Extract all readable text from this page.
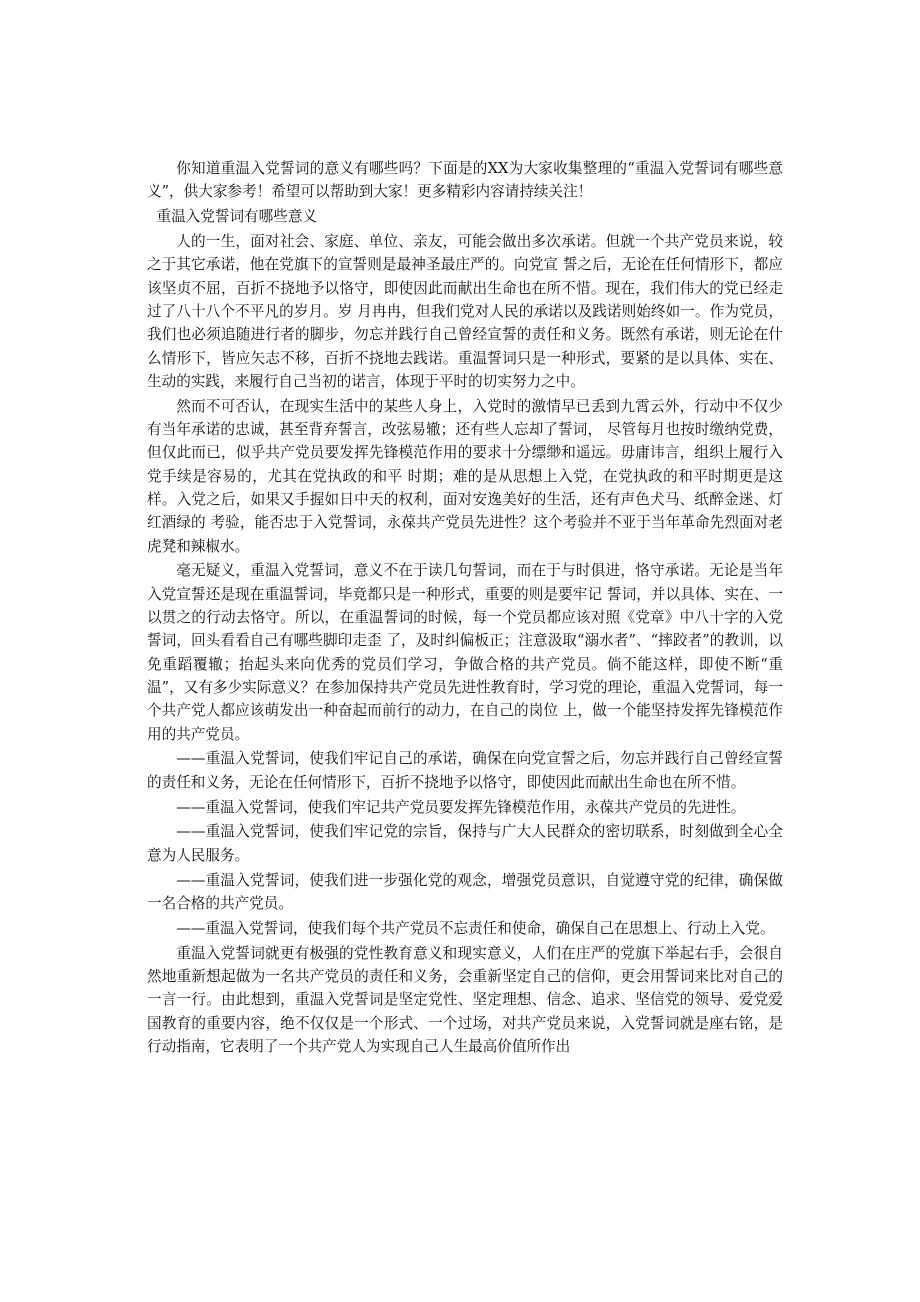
你知道重温入党誓词的意义有哪些吗？下面是的XX为大家收集整理的“重温入党誓词有哪些意义”，供大家参考！希望可以帮助到大家！更多精彩内容请持续关注！

重温入党誓词有哪些意义

人的一生，面对社会、家庭、单位、亲友，可能会做出多次承诺。但就一个共产党员来说，较之于其它承诺，他在党旗下的宣誓则是最神圣最庄严的。向党宣 誓之后，无论在任何情形下，都应该坚贞不屈，百折不挠地予以恪守，即使因此而献出生命也在所不惜。现在，我们伟大的党已经走过了八十八个不平凡的岁月。岁 月冉冉，但我们党对人民的承诺以及践诺则始终如一。作为党员，我们也必须追随进行者的脚步，勿忘并践行自己曾经宣誓的责任和义务。既然有承诺，则无论在什 么情形下，皆应矢志不移，百折不挠地去践诺。重温誓词只是一种形式，要紧的是以具体、实在、生动的实践，来履行自己当初的诺言，体现于平时的切实努力之中。

然而不可否认，在现实生活中的某些人身上，入党时的激情早已丢到九霄云外，行动中不仅少有当年承诺的忠诚，甚至背弃誓言，改弦易辙；还有些人忘却了誓词， 尽管每月也按时缴纳党费，但仅此而已，似乎共产党员要发挥先锋模范作用的要求十分缥缈和遥远。毋庸讳言，组织上履行入党手续是容易的，尤其在党执政的和平 时期；难的是从思想上入党，在党执政的和平时期更是这样。入党之后，如果又手握如日中天的权利，面对安逸美好的生活，还有声色犬马、纸醉金迷、灯红酒绿的 考验，能否忠于入党誓词，永葆共产党员先进性？这个考验并不亚于当年革命先烈面对老虎凳和辣椒水。

毫无疑义，重温入党誓词，意义不在于读几句誓词，而在于与时俱进，恪守承诺。无论是当年入党宣誓还是现在重温誓词，毕竟都只是一种形式，重要的则是要牢记 誓词，并以具体、实在、一以贯之的行动去恪守。所以，在重温誓词的时候，每一个党员都应该对照《党章》中八十字的入党誓词，回头看看自己有哪些脚印走歪 了，及时纠偏板正；注意汲取“溺水者”、“摔跤者”的教训，以免重蹈覆辙；抬起头来向优秀的党员们学习，争做合格的共产党员。倘不能这样，即使不断“重 温”，又有多少实际意义？在参加保持共产党员先进性教育时，学习党的理论，重温入党誓词，每一个共产党人都应该萌发出一种奋起而前行的动力，在自己的岗位 上，做一个能坚持发挥先锋模范作用的共产党员。

——重温入党誓词，使我们牢记自己的承诺，确保在向党宣誓之后，勿忘并践行自己曾经宣誓的责任和义务，无论在任何情形下，百折不挠地予以恪守，即使因此而献出生命也在所不惜。

——重温入党誓词，使我们牢记共产党员要发挥先锋模范作用，永葆共产党员的先进性。

——重温入党誓词，使我们牢记党的宗旨，保持与广大人民群众的密切联系，时刻做到全心全意为人民服务。

——重温入党誓词，使我们进一步强化党的观念，增强党员意识，自觉遵守党的纪律，确保做一名合格的共产党员。

——重温入党誓词，使我们每个共产党员不忘责任和使命，确保自己在思想上、行动上入党。

重温入党誓词就更有极强的党性教育意义和现实意义，人们在庄严的党旗下举起右手，会很自然地重新想起做为一名共产党员的责任和义务，会重新坚定自己的信仰，更会用誓词来比对自己的一言一行。由此想到，重温入党誓词是坚定党性、坚定理想、信念、追求、坚信党的领导、爱党爱国教育的重要内容，绝不仅仅是一个形式、一个过场，对共产党员来说，入党誓词就是座右铭，是行动指南，它表明了一个共产党人为实现自己人生最高价值所作出
